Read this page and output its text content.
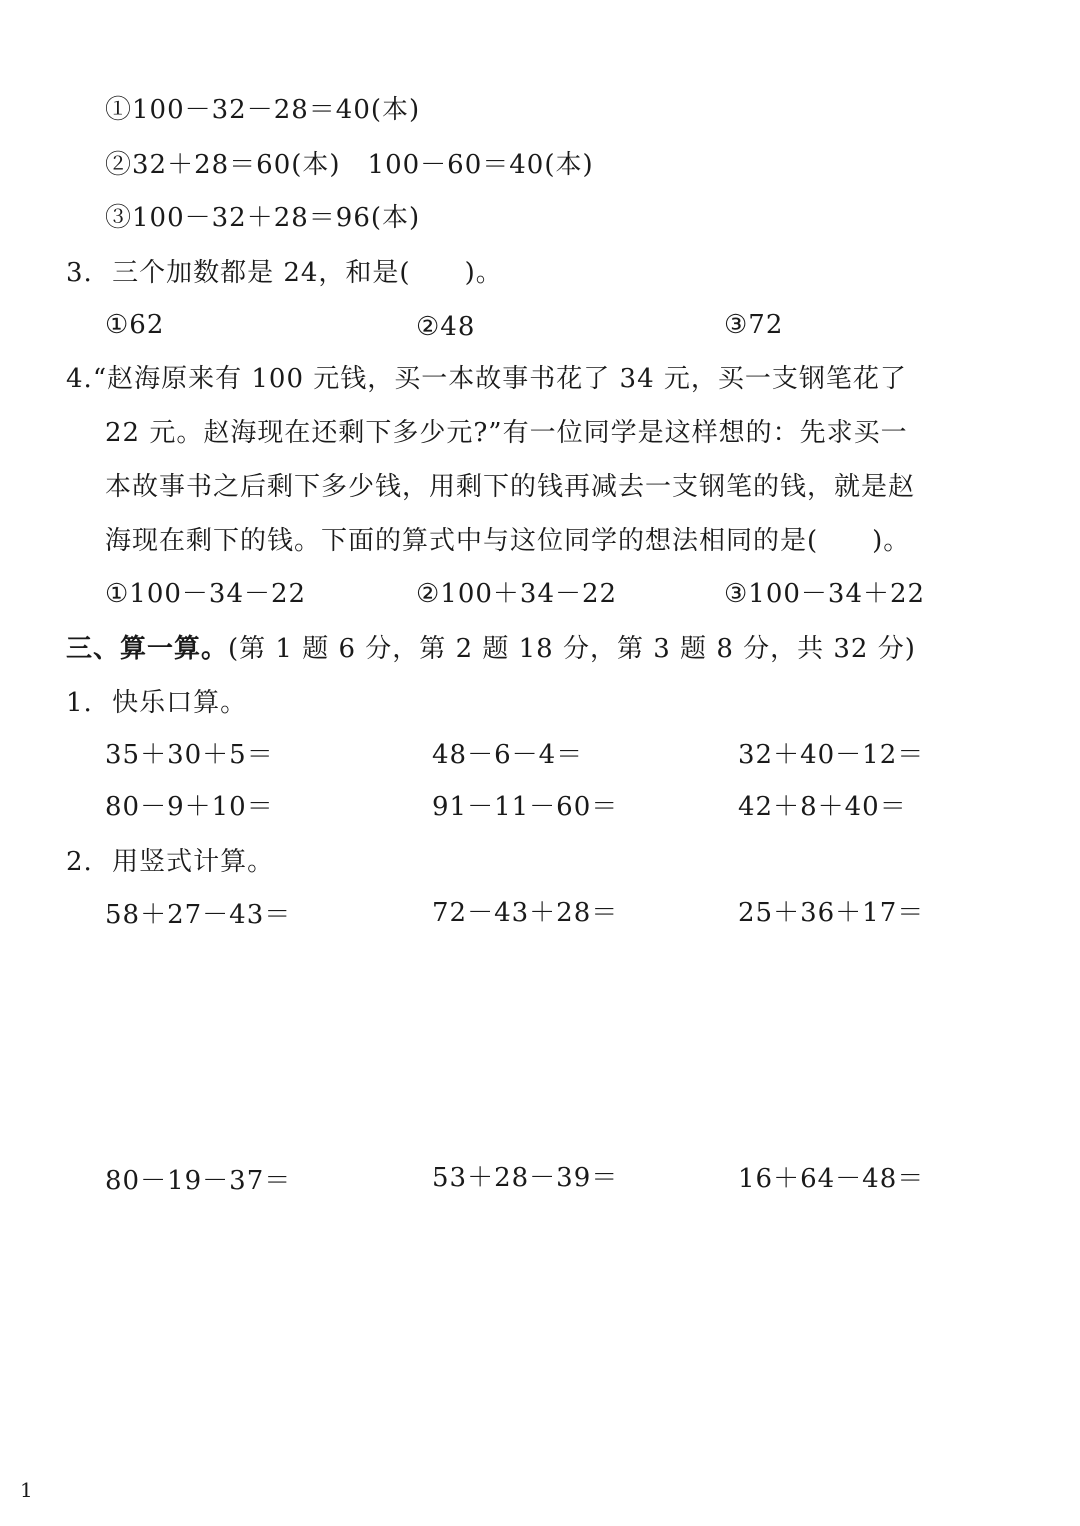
①100－32－28＝40(本)
②32＋28＝60(本)　100－60＝40(本)
③100－32＋28＝96(本)
3. 三个加数都是 24，和是(　　)。
①62	②48	③72
4.“赵海原来有 100 元钱，买一本故事书花了 34 元，买一支钢笔花了
22 元。赵海现在还剩下多少元?”有一位同学是这样想的：先求买一
本故事书之后剩下多少钱，用剩下的钱再减去一支钢笔的钱，就是赵
海现在剩下的钱。下面的算式中与这位同学的想法相同的是(　　)。
①100－34－22	②100＋34－22	③100－34＋22
三、算一算。(第 1 题 6 分，第 2 题 18 分，第 3 题 8 分，共 32 分)
1. 快乐口算。
35＋30＋5＝	48－6－4＝	32＋40－12＝
80－9＋10＝	91－11－60＝	42＋8＋40＝
2. 用竖式计算。
58＋27－43＝	72－43＋28＝	25＋36＋17＝
80－19－37＝	53＋28－39＝	16＋64－48＝
1
